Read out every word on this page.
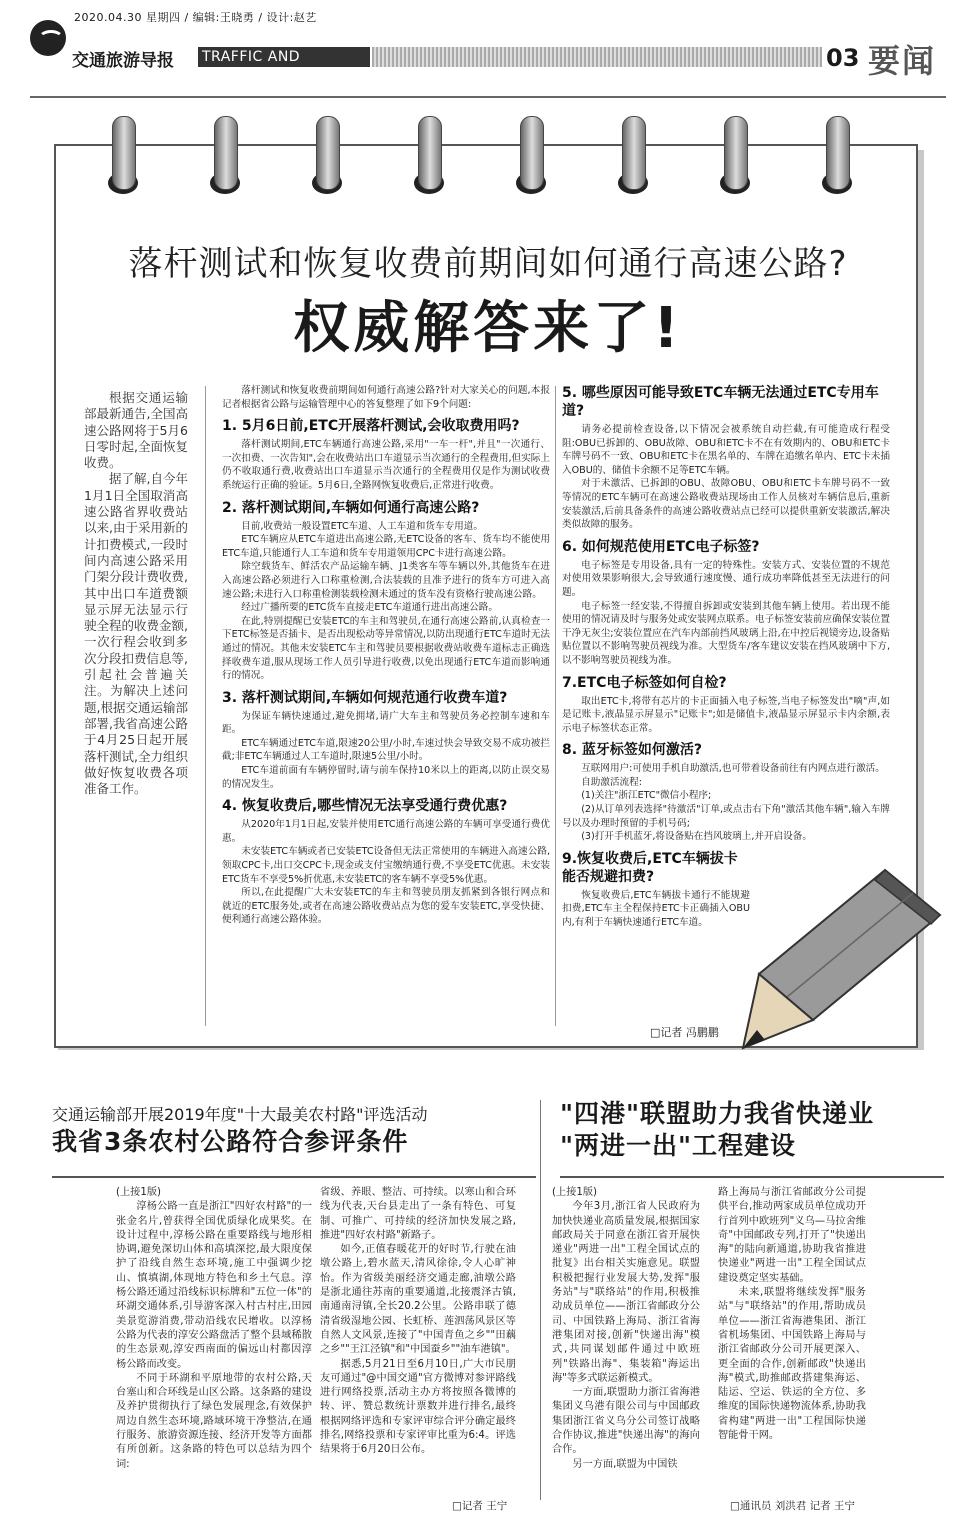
2020.04.30 星期四 / 编辑:王晓勇 / 设计:赵艺
交通旅游导报 TRAFFIC AND TRAVELLING
03 要闻
落杆测试和恢复收费前期间如何通行高速公路?
权威解答来了!

根据交通运输部最新通告,全国高速公路网将于5月6日零时起,全面恢复收费。

据了解,自今年1月1日全国取消高速公路省界收费站以来,由于采用新的计扣费模式,一段时间内高速公路采用门架分段计费收费,其中出口车道费额显示屏无法显示行驶全程的收费金额,一次行程会收到多次分段扣费信息等,引起社会普遍关注。为解决上述问题,根据交通运输部部署,我省高速公路于4月25日起开展落杆测试,全力组织做好恢复收费各项准备工作。

落杆测试和恢复收费前期间如何通行高速公路?针对大家关心的问题,本报记者根据省公路与运输管理中心的答复整理了如下9个问题:

1. 5月6日前,ETC开展落杆测试,会收取费用吗?

落杆测试期间,ETC车辆通行高速公路,采用"一车一杆",并且"一次通行、一次扣费、一次告知",会在收费站出口车道显示当次通行的全程费用,但实际上仍不收取通行费,收费站出口车道显示当次通行的全程费用仅是作为测试收费系统运行正确的验证。5月6日,全路网恢复收费后,正常进行收费。

2. 落杆测试期间,车辆如何通行高速公路?

目前,收费站一般设置ETC车道、人工车道和货车专用道。

ETC车辆应从ETC车道进出高速公路,无ETC设备的客车、货车均不能使用ETC车道,只能通行人工车道和货车专用道领用CPC卡进行高速公路。

除空载货车、鲜活农产品运输车辆、J1类客车等车辆以外,其他货车在进入高速公路必须进行入口称重检测,合法装载的且准予进行的货车方可进入高速公路;未进行入口称重检测装载检测未通过的货车没有资格行驶高速公路。

经过广播所要的ETC货车直接走ETC车道通行进出高速公路。

在此,特别提醒已安装ETC的车主和驾驶员,在通行高速公路前,认真检查一下ETC标签是否插卡、是否出现松动等异常情况,以防出现通行ETC车道时无法通过的情况。其他未安装ETC车主和驾驶员要根据收费站收费车道标志正确选择收费车道,服从现场工作人员引导进行收费,以免出现通行ETC车道而影响通行的情况。

3. 落杆测试期间,车辆如何规范通行收费车道?

为保证车辆快速通过,避免拥堵,请广大车主和驾驶员务必控制车速和车距。

ETC车辆通过ETC车道,限速20公里/小时,车速过快会导致交易不成功被拦截;非ETC车辆通过人工车道时,限速5公里/小时。

ETC车道前面有车辆停留时,请与前车保持10米以上的距离,以防止误交易的情况发生。

4. 恢复收费后,哪些情况无法享受通行费优惠?

从2020年1月1日起,安装并使用ETC通行高速公路的车辆可享受通行费优惠。

未安装ETC车辆或者已安装ETC设备但无法正常使用的车辆进入高速公路,领取CPC卡,出口交CPC卡,现金或支付宝缴纳通行费,不享受ETC优惠。未安装ETC货车不享受5%折优惠,未安装ETC的客车辆不享受5%优惠。

所以,在此提醒广大未安装ETC的车主和驾驶员朋友抓紧到各银行网点和就近的ETC服务处,或者在高速公路收费站点为您的爱车安装ETC,享受快捷、便利通行高速公路体验。

5. 哪些原因可能导致ETC车辆无法通过ETC专用车道?

请务必提前检查设备,以下情况会被系统自动拦截,有可能造成行程受阻:OBU已拆卸的、OBU故障、OBU和ETC卡不在有效期内的、OBU和ETC卡车牌号码不一致、OBU和ETC卡在黑名单的、车牌在追缴名单内、ETC卡未插入OBU的、储值卡余额不足等ETC车辆。

对于未激活、已拆卸的OBU、故障OBU、OBU和ETC卡车牌号码不一致等情况的ETC车辆可在高速公路收费站现场由工作人员核对车辆信息后,重新安装激活,后前具备条件的高速公路收费站点已经可以提供重新安装激活,解决类似故障的服务。

6. 如何规范使用ETC电子标签?

电子标签是专用设备,具有一定的特殊性。安装方式、安装位置的不规范对使用效果影响很大,会导致通行速度慢、通行成功率降低甚至无法进行的问题。

电子标签一经安装,不得擅自拆卸或安装到其他车辆上使用。若出现不能使用的情况请及时与服务处或安装网点联系。电子标签安装前应确保安装位置干净无灰尘;安装位置应在汽车内部前挡风玻璃上沿,在中控后视镜旁边,设备贴贴位置以不影响驾驶员视线为准。大型货车/客车建议安装在挡风玻璃中下方,以不影响驾驶员视线为准。

7.ETC电子标签如何自检?

取出ETC卡,将带有芯片的卡正面插入电子标签,当电子标签发出"嘀"声,如是记账卡,液晶显示屏显示"记账卡";如是储值卡,液晶显示屏显示卡内余额,表示电子标签状态正常。

8. 蓝牙标签如何激活?

互联网用户:可使用手机自助激活,也可带着设备前往有内网点进行激活。

自助激活流程:

(1)关注"浙江ETC"微信小程序;

(2)从订单列表选择"待激活"订单,或点击右下角"激活其他车辆",输入车牌号以及办理时预留的手机号码;

(3)打开手机蓝牙,将设备贴在挡风玻璃上,并开启设备。

9.恢复收费后,ETC车辆拔卡能否规避扣费?

恢复收费后,ETC车辆拔卡通行不能规避扣费,ETC车主全程保持ETC卡正确插入OBU内,有利于车辆快速通行ETC车道。

□记者 冯鹏鹏
交通运输部开展2019年度"十大最美农村路"评选活动
我省3条农村公路符合参评条件

(上接1版)

淳杨公路一直是浙江"四好农村路"的一张金名片,曾获得全国优质绿化成果奖。在设计过程中,淳杨公路在重要路线与地形相协调,避免深切山体和高填深挖,最大限度保护了沿线自然生态环境,施工中强调少挖山、慎填湖,体现地方特色和乡土气息。淳杨公路还通过沿线标识标牌和"五位一体"的环湖交通体系,引导游客深入村古村庄,田园美景览游消费,带动沿线农民增收。以淳杨公路为代表的淳安公路盘活了整个县域稀散的生态景观,淳安西南面的偏远山村都因淳杨公路而改变。

不同于环湖和平原地带的农村公路,天台塞山和合环线是山区公路。这条路的建设及养护贯彻执行了绿色发展理念,有效保护周边自然生态环境,路域环境干净整洁,在通行服务、旅游资源连接、经济开发等方面都有所创新。这条路的特色可以总结为四个词:

省级、养眼、整洁、可持续。以寒山和合环线为代表,天台县走出了一条有特色、可复制、可推广、可持续的经济加快发展之路,推进"四好农村路"新路子。

如今,正值春暖花开的好时节,行驶在油墩公路上,碧水蓝天,清风徐徐,令人心旷神怡。作为省级美丽经济交通走廊,油墩公路是浙北通往苏南的重要通道,北接震泽古镇,南通南浔镇,全长20.2公里。公路串联了德清省级湿地公园、长虹桥、莲泗荡风景区等自然人文风景,连接了"中国青鱼之乡""田藕之乡""王江泾镇"和"中国蚕乡""油车港镇"。

据悉,5月21日至6月10日,广大市民朋友可通过"@中国交通"官方微博对参评路线进行网络投票,活动主办方将按照各微博的转、评、赞总数统计票数并进行排名,最终根据网络评选和专家评审综合评分确定最终排名,网络投票和专家评审比重为6:4。评选结果将于6月20日公布。

□记者 王宁
"四港"联盟助力我省快递业
"两进一出"工程建设

(上接1版)

今年3月,浙江省人民政府为加快快递业高质量发展,根据国家邮政局关于同意在浙江省开展快递业"两进一出"工程全国试点的批复》出台相关实施意见。联盟积极把握行业发展大势,发挥"服务站"与"联络站"的作用,积极推动成员单位——浙江省邮政分公司、中国铁路上海局、浙江省海港集团对接,创新"快递出海"模式,共同谋划邮件通过中欧班列"铁路出海"、集装箱"海运出海"等多式联运新模式。

一方面,联盟助力浙江省海港集团义乌港有限公司与中国邮政集团浙江省义乌分公司签订战略合作协议,推进"快递出海"的海向合作。

另一方面,联盟为中国铁

路上海局与浙江省邮政分公司提供平台,推动两家成员单位成功开行首列中欧班列"义乌—马拉舍维奇"中国邮政专列,打开了"快递出海"的陆向新通道,协助我省推进快递业"两进一出"工程全国试点建设奠定坚实基础。

未来,联盟将继续发挥"服务站"与"联络站"的作用,帮助成员单位——浙江省海港集团、浙江省机场集团、中国铁路上海局与浙江省邮政分公司开展更深入、更全面的合作,创新邮政"快递出海"模式,助推邮政搭建集海运、陆运、空运、铁运的全方位、多维度的国际快递物流体系,协助我省构建"两进一出"工程国际快递智能骨干网。

□通讯员 刘洪君 记者 王宁
